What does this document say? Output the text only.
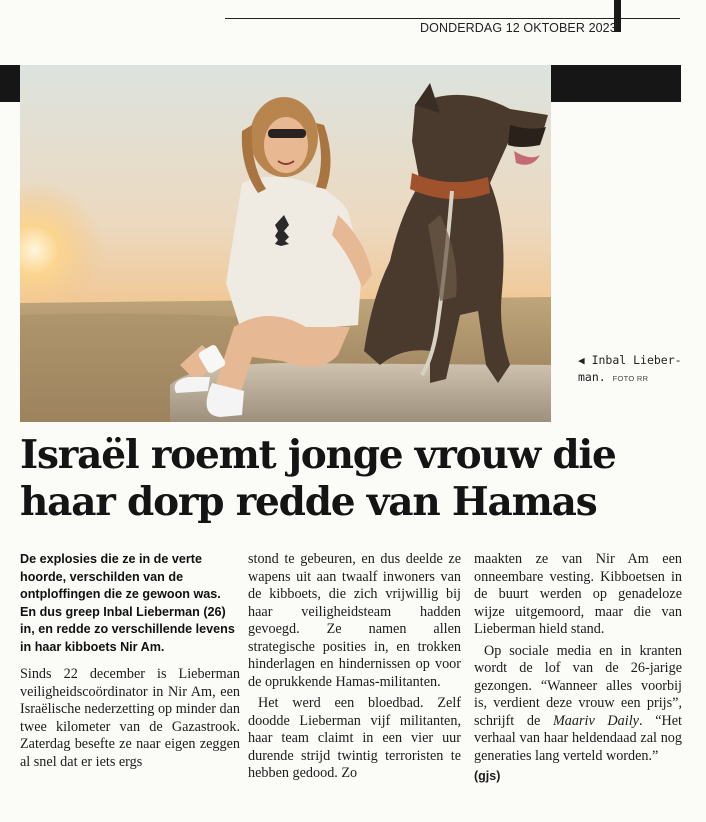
DONDERDAG 12 OKTOBER 2023
◀ Inbal Lieber-man. FOTO RR
Israël roemt jonge vrouw die haar dorp redde van Hamas

De explosies die ze in de verte hoorde, verschilden van de ontploffingen die ze gewoon was. En dus greep Inbal Lieberman (26) in, en redde zo verschillende levens in haar kibboets Nir Am.

Sinds 22 december is Lieberman veiligheidscoördinator in Nir Am, een Israëlische nederzetting op minder dan twee kilometer van de Gazastrook. Zaterdag besefte ze naar eigen zeggen al snel dat er iets ergs

stond te gebeuren, en dus deelde ze wapens uit aan twaalf inwoners van de kibboets, die zich vrijwillig bij haar veiligheidsteam hadden gevoegd. Ze namen allen strategische posities in, en trokken hinderlagen en hindernissen op voor de oprukkende Hamas-militanten.

Het werd een bloedbad. Zelf doodde Lieberman vijf militanten, haar team claimt in een vier uur durende strijd twintig terroristen te hebben gedood. Zo

maakten ze van Nir Am een onneembare vesting. Kibboetsen in de buurt werden op genadeloze wijze uitgemoord, maar die van Lieberman hield stand.

Op sociale media en in kranten wordt de lof van de 26-jarige gezongen. “Wanneer alles voorbij is, verdient deze vrouw een prijs”, schrijft de Maariv Daily. “Het verhaal van haar heldendaad zal nog generaties lang verteld worden.”

(gjs)
